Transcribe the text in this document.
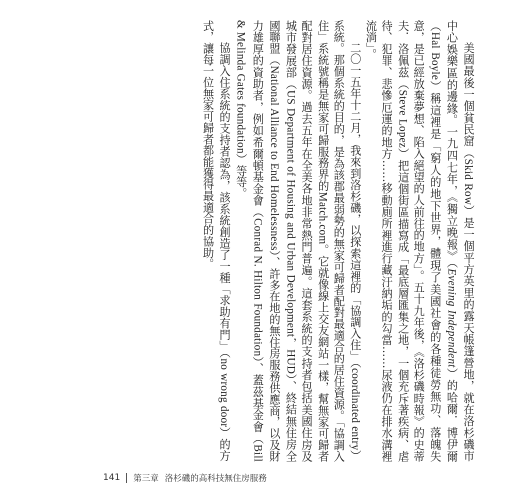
美國最後一個貧民窟（Skid Row）是一個平方英里的露天帳篷營地，就在洛杉磯市中心娛樂區的邊緣。一九四七年，《獨立晚報》（Evening Independent）的哈爾．博伊爾（Hal Boyle）稱這裡是「窮人的地下世界，體現了美國社會的各種徒勞無功、落魄失意，是已經放棄夢想、陷入絕望的人前往的地方」。五十九年後，《洛杉磯時報》的史蒂夫．洛佩茲（Steve Lopez）把這個街區描寫成「最底層匯集之地，一個充斥著疾病、虐待、犯罪、悲慘厄運的地方……移動廁所裡進行藏汙納垢的勾當……尿液仍在排水溝裡流淌」。

二〇一五年十二月，我來到洛杉磯，以探索這裡的「協調入住」（coordinated entry）系統。那個系統的目的，是為該郡最弱勢的無家可歸者配對最適合的居住資源。「協調入住」系統號稱是無家可歸服務界的Match.com。它就像線上交友網站一樣，幫無家可歸者配對居住資源。過去五年在全美各地非常熱門普遍。這套系統的支持者包括美國住房及城市發展部（US Department of Housing and Urban Development，HUD）、終結無住房全國聯盟（National Alliance to End Homelessness）、許多在地的無住房服務供應商，以及財力雄厚的資助者，例如希爾頓基金會（Conrad N. Hilton Foundation）、蓋茲基金會（Bill & Melinda Gates foundation）等等。

協調入住系統的支持者認為，該系統創造了一種「求助有門」（no wrong door）的方式，讓每一位無家可歸者都能獲得最適合的協助。

141 第三章 洛杉磯的高科技無住房服務
